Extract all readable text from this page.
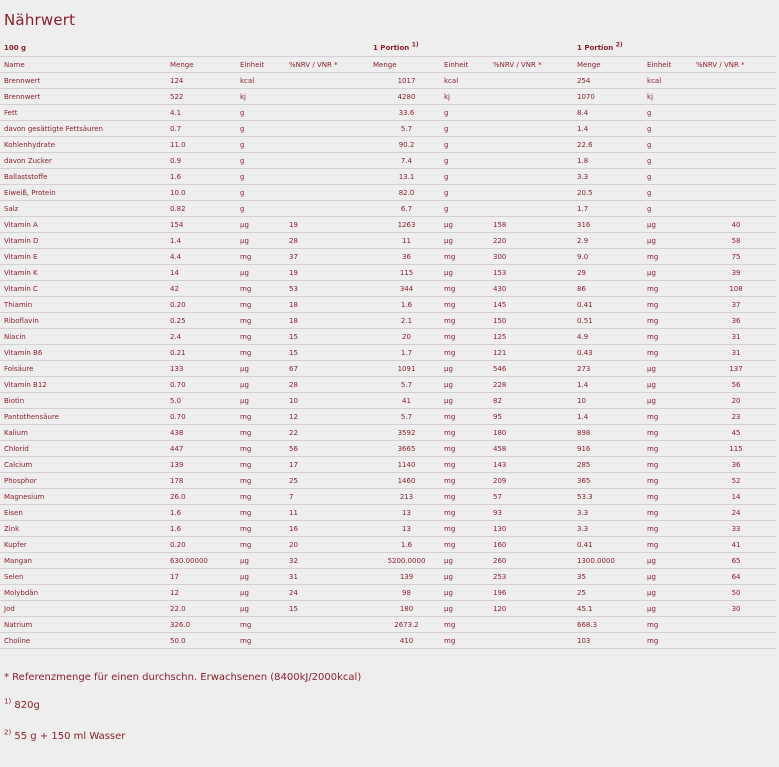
Nährwert
100 g				1 Portion $^{1)}$			1 Portion $^{2)}$
Name	Menge	Einheit	%NRV / VNR *	Menge	Einheit	%NRV / VNR *	Menge	Einheit	%NRV / VNR *
Brennwert	124	kcal		1017	kcal		254	kcal	
Brennwert	522	kj		4280	kj		1070	kj	
Fett	4.1	g		33.6	g		8.4	g	
davon gesättigte Fettsäuren	0.7	g		5.7	g		1.4	g	
Kohlenhydrate	11.0	g		90.2	g		22.6	g	
davon Zucker	0.9	g		7.4	g		1.8	g	
Ballaststoffe	1.6	g		13.1	g		3.3	g	
Eiweiß, Protein	10.0	g		82.0	g		20.5	g	
Salz	0.82	g		6.7	g		1.7	g	
Vitamin A	154	µg	19	1263	µg	158	316	µg	40
Vitamin D	1.4	µg	28	11	µg	220	2.9	µg	58
Vitamin E	4.4	mg	37	36	mg	300	9.0	mg	75
Vitamin K	14	µg	19	115	µg	153	29	µg	39
Vitamin C	42	mg	53	344	mg	430	86	mg	108
Thiamin	0.20	mg	18	1.6	mg	145	0.41	mg	37
Riboflavin	0.25	mg	18	2.1	mg	150	0.51	mg	36
Niacin	2.4	mg	15	20	mg	125	4.9	mg	31
Vitamin B6	0.21	mg	15	1.7	mg	121	0.43	mg	31
Folsäure	133	µg	67	1091	µg	546	273	µg	137
Vitamin B12	0.70	µg	28	5.7	µg	228	1.4	µg	56
Biotin	5.0	µg	10	41	µg	82	10	µg	20
Pantothensäure	0.70	mg	12	5.7	mg	95	1.4	mg	23
Kalium	438	mg	22	3592	mg	180	898	mg	45
Chlorid	447	mg	56	3665	mg	458	916	mg	115
Calcium	139	mg	17	1140	mg	143	285	mg	36
Phosphor	178	mg	25	1460	mg	209	365	mg	52
Magnesium	26.0	mg	7	213	mg	57	53.3	mg	14
Eisen	1.6	mg	11	13	mg	93	3.3	mg	24
Zink	1.6	mg	16	13	mg	130	3.3	mg	33
Kupfer	0.20	mg	20	1.6	mg	160	0.41	mg	41
Mangan	630.00000	µg	32	5200.0000	µg	260	1300.0000	µg	65
Selen	17	µg	31	139	µg	253	35	µg	64
Molybdän	12	µg	24	98	µg	196	25	µg	50
Jod	22.0	µg	15	180	µg	120	45.1	µg	30
Natrium	326.0	mg		2673.2	mg		668.3	mg	
Choline	50.0	mg		410	mg		103	mg	
* Referenzmenge für einen durchschn. Erwachsenen (8400kJ/2000kcal)
$^{1)}$ 820g
$^{2)}$ 55 g + 150 ml Wasser
